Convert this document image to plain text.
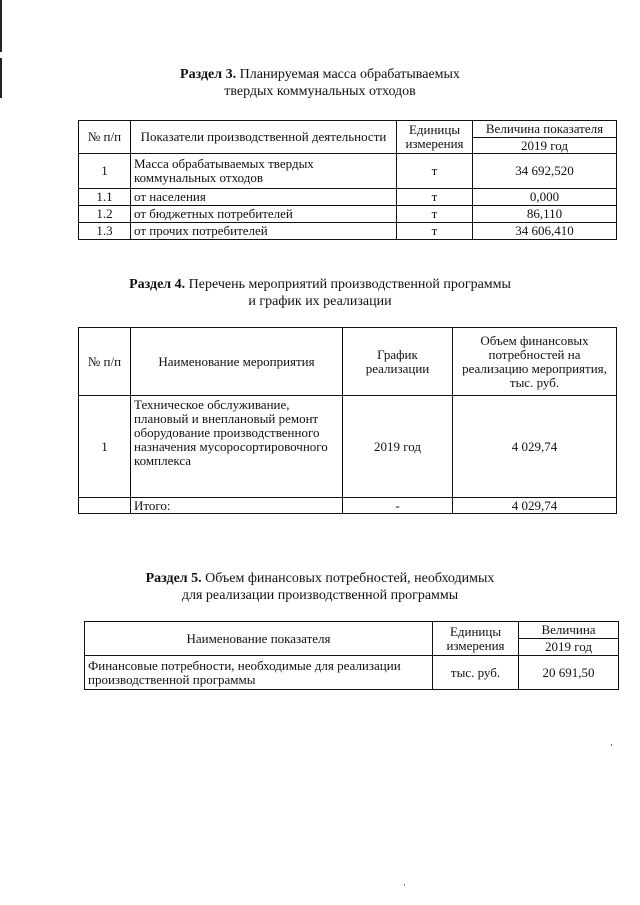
Раздел 3. Планируемая масса обрабатываемых
твердых коммунальных отходов
№ п/п	Показатели производственной деятельности	Единицы измерения	Величина показателя
			2019 год
1	Масса обрабатываемых твердых коммунальных отходов	т	34 692,520
1.1	от населения	т	0,000
1.2	от бюджетных потребителей	т	86,110
1.3	от прочих потребителей	т	34 606,410
Раздел 4. Перечень мероприятий производственной программы
и график их реализации
№ п/п	Наименование мероприятия	График реализации	Объем финансовых потребностей на реализацию мероприятия, тыс. руб.
1	Техническое обслуживание, плановый и внеплановый ремонт оборудование производственного назначения мусоросортировочного комплекса	2019 год	4 029,74
	Итого:	-	4 029,74
Раздел 5. Объем финансовых потребностей, необходимых
для реализации производственной программы
Наименование показателя	Единицы измерения	Величина
		2019 год
Финансовые потребности, необходимые для реализации производственной программы	тыс. руб.	20 691,50
